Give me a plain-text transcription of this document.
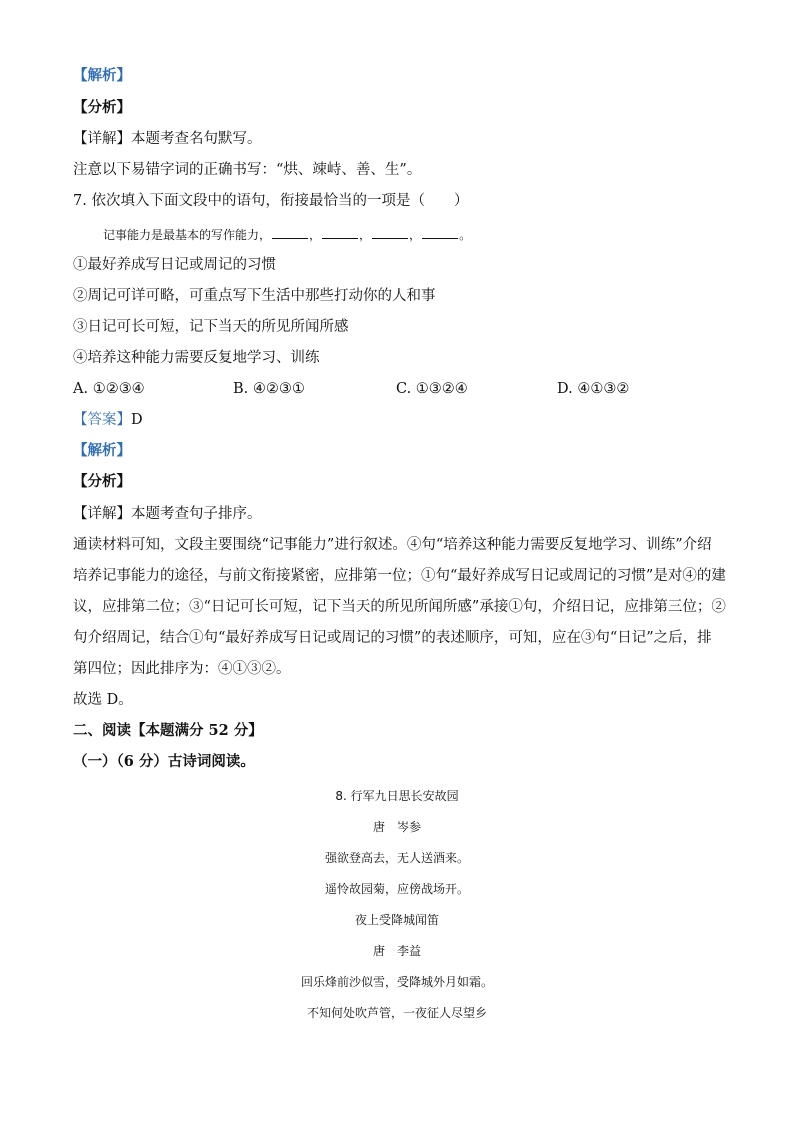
【解析】
【分析】
【详解】本题考查名句默写。
注意以下易错字词的正确书写：“烘、竦峙、善、生”。
7. 依次填入下面文段中的语句，衔接最恰当的一项是（　　）
记事能力是最基本的写作能力，	，	，	，	。
①最好养成写日记或周记的习惯
②周记可详可略，可重点写下生活中那些打动你的人和事
③日记可长可短，记下当天的所见所闻所感
④培养这种能力需要反复地学习、训练
A. ①②③④	B. ④②③①	C. ①③②④	D. ④①③②
【答案】D
【解析】
【分析】
【详解】本题考查句子排序。
通读材料可知，文段主要围绕“记事能力”进行叙述。④句“培养这种能力需要反复地学习、训练”介绍
培养记事能力的途径，与前文衔接紧密，应排第一位；①句“最好养成写日记或周记的习惯”是对④的建
议，应排第二位；③“日记可长可短，记下当天的所见所闻所感”承接①句，介绍日记，应排第三位；②
句介绍周记，结合①句“最好养成写日记或周记的习惯”的表述顺序，可知，应在③句“日记”之后，排
第四位；因此排序为：④①③②。
故选 D。
二、阅读【本题满分 52 分】
（一）（6 分）古诗词阅读。
8. 行军九日思长安故园
唐　岑参
强欲登高去，无人送酒来。
遥怜故园菊，应傍战场开。
夜上受降城闻笛
唐　李益
回乐烽前沙似雪，受降城外月如霜。
不知何处吹芦管，一夜征人尽望乡
